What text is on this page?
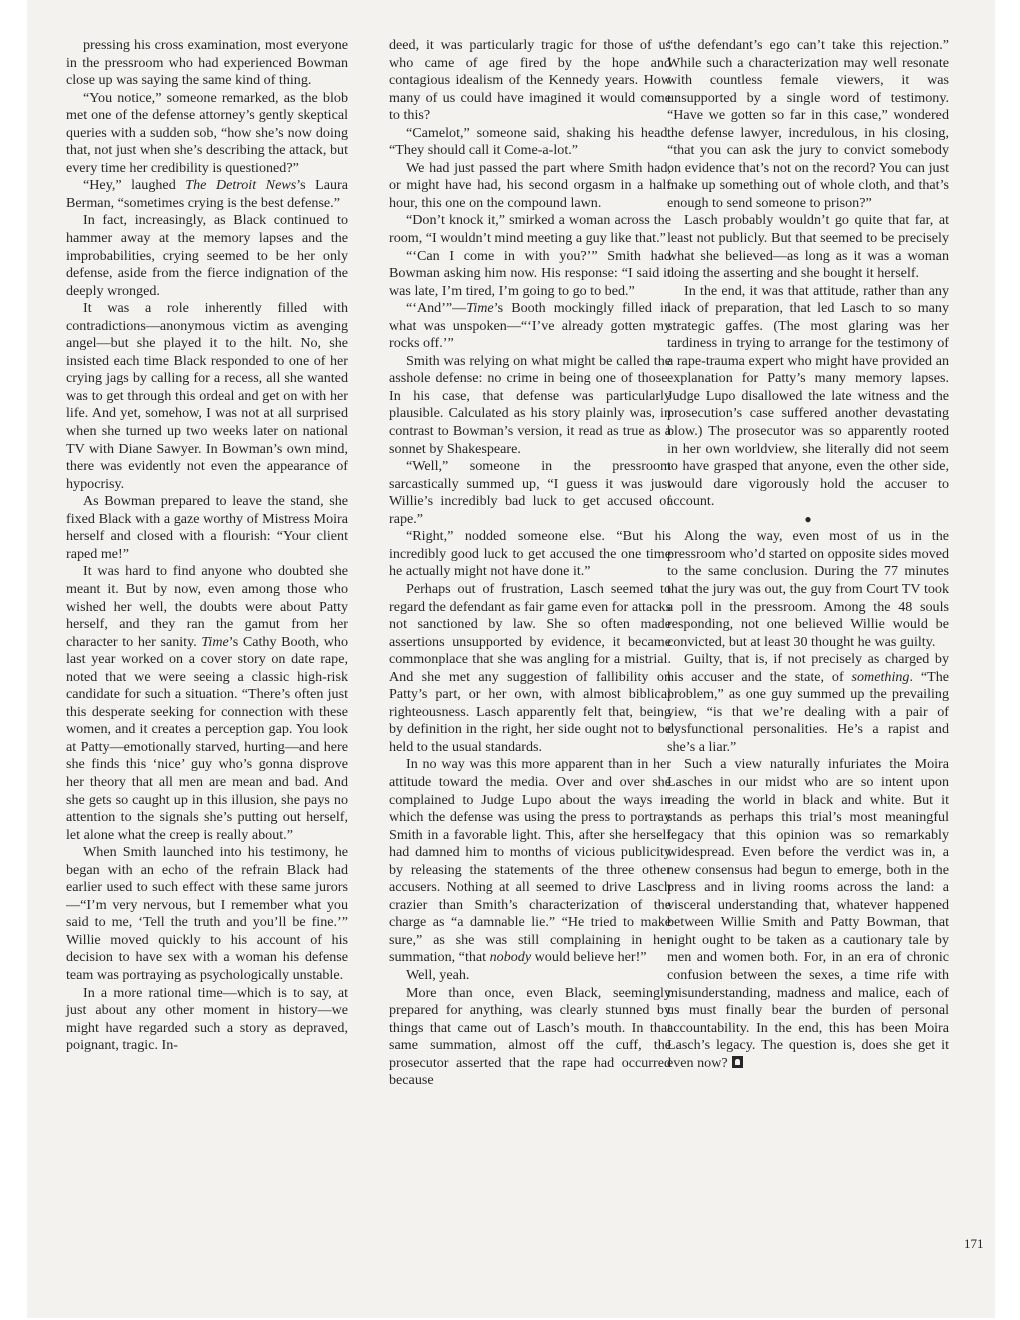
pressing his cross examination, most everyone in the pressroom who had experienced Bowman close up was saying the same kind of thing.

“You notice,” someone remarked, as the blob met one of the defense attorney’s gently skeptical queries with a sudden sob, “how she’s now doing that, not just when she’s describing the attack, but every time her credibility is questioned?”

“Hey,” laughed The Detroit News’s Laura Berman, “sometimes crying is the best defense.”

In fact, increasingly, as Black continued to hammer away at the memory lapses and the improbabilities, crying seemed to be her only defense, aside from the fierce indignation of the deeply wronged.

It was a role inherently filled with contradictions—anonymous victim as avenging angel—but she played it to the hilt. No, she insisted each time Black responded to one of her crying jags by calling for a recess, all she wanted was to get through this ordeal and get on with her life. And yet, somehow, I was not at all surprised when she turned up two weeks later on national TV with Diane Sawyer. In Bowman’s own mind, there was evidently not even the appearance of hypocrisy.

As Bowman prepared to leave the stand, she fixed Black with a gaze worthy of Mistress Moira herself and closed with a flourish: “Your client raped me!”

It was hard to find anyone who doubted she meant it. But by now, even among those who wished her well, the doubts were about Patty herself, and they ran the gamut from her character to her sanity. Time’s Cathy Booth, who last year worked on a cover story on date rape, noted that we were seeing a classic high-risk candidate for such a situation. “There’s often just this desperate seeking for connection with these women, and it creates a perception gap. You look at Patty—emotionally starved, hurting—and here she finds this ‘nice’ guy who’s gonna disprove her theory that all men are mean and bad. And she gets so caught up in this illusion, she pays no attention to the signals she’s putting out herself, let alone what the creep is really about.”

When Smith launched into his testimony, he began with an echo of the refrain Black had earlier used to such effect with these same jurors—“I’m very nervous, but I remember what you said to me, ‘Tell the truth and you’ll be fine.’” Willie moved quickly to his account of his decision to have sex with a woman his defense team was portraying as psychologically unstable.

In a more rational time—which is to say, at just about any other moment in history—we might have regarded such a story as depraved, poignant, tragic. In-

deed, it was particularly tragic for those of us who came of age fired by the hope and contagious idealism of the Kennedy years. How many of us could have imagined it would come to this?

“Camelot,” someone said, shaking his head. “They should call it Come-a-lot.”

We had just passed the part where Smith had, or might have had, his second orgasm in a half hour, this one on the compound lawn.

“Don’t knock it,” smirked a woman across the room, “I wouldn’t mind meeting a guy like that.”

“‘Can I come in with you?’” Smith had Bowman asking him now. His response: “I said it was late, I’m tired, I’m going to go to bed.”

“‘And’”—Time’s Booth mockingly filled in what was unspoken—“‘I’ve already gotten my rocks off.’”

Smith was relying on what might be called the asshole defense: no crime in being one of those. In his case, that defense was particularly plausible. Calculated as his story plainly was, in contrast to Bowman’s version, it read as true as a sonnet by Shakespeare.

“Well,” someone in the pressroom sarcastically summed up, “I guess it was just Willie’s incredibly bad luck to get accused of rape.”

“Right,” nodded someone else. “But his incredibly good luck to get accused the one time he actually might not have done it.”

Perhaps out of frustration, Lasch seemed to regard the defendant as fair game even for attacks not sanctioned by law. She so often made assertions unsupported by evidence, it became commonplace that she was angling for a mistrial. And she met any suggestion of fallibility on Patty’s part, or her own, with almost biblical righteousness. Lasch apparently felt that, being by definition in the right, her side ought not to be held to the usual standards.

In no way was this more apparent than in her attitude toward the media. Over and over she complained to Judge Lupo about the ways in which the defense was using the press to portray Smith in a favorable light. This, after she herself had damned him to months of vicious publicity by releasing the statements of the three other accusers. Nothing at all seemed to drive Lasch crazier than Smith’s characterization of the charge as “a damnable lie.” “He tried to make sure,” as she was still complaining in her summation, “that nobody would believe her!”

Well, yeah.

More than once, even Black, seemingly prepared for anything, was clearly stunned by things that came out of Lasch’s mouth. In that same summation, almost off the cuff, the prosecutor asserted that the rape had occurred because

“the defendant’s ego can’t take this rejection.” While such a characterization may well resonate with countless female viewers, it was unsupported by a single word of testimony. “Have we gotten so far in this case,” wondered the defense lawyer, incredulous, in his closing, “that you can ask the jury to convict somebody on evidence that’s not on the record? You can just make up something out of whole cloth, and that’s enough to send someone to prison?”

Lasch probably wouldn’t go quite that far, at least not publicly. But that seemed to be precisely what she believed—as long as it was a woman doing the asserting and she bought it herself.

In the end, it was that attitude, rather than any lack of preparation, that led Lasch to so many strategic gaffes. (The most glaring was her tardiness in trying to arrange for the testimony of a rape-trauma expert who might have provided an explanation for Patty’s many memory lapses. Judge Lupo disallowed the late witness and the prosecution’s case suffered another devastating blow.) The prosecutor was so apparently rooted in her own worldview, she literally did not seem to have grasped that anyone, even the other side, would dare vigorously hold the accuser to account.

●

Along the way, even most of us in the pressroom who’d started on opposite sides moved to the same conclusion. During the 77 minutes that the jury was out, the guy from Court TV took a poll in the pressroom. Among the 48 souls responding, not one believed Willie would be convicted, but at least 30 thought he was guilty.

Guilty, that is, if not precisely as charged by his accuser and the state, of something. “The problem,” as one guy summed up the prevailing view, “is that we’re dealing with a pair of dysfunctional personalities. He’s a rapist and she’s a liar.”

Such a view naturally infuriates the Moira Lasches in our midst who are so intent upon reading the world in black and white. But it stands as perhaps this trial’s most meaningful legacy that this opinion was so remarkably widespread. Even before the verdict was in, a new consensus had begun to emerge, both in the press and in living rooms across the land: a visceral understanding that, whatever happened between Willie Smith and Patty Bowman, that night ought to be taken as a cautionary tale by men and women both. For, in an era of chronic confusion between the sexes, a time rife with misunderstanding, madness and malice, each of us must finally bear the burden of personal accountability. In the end, this has been Moira Lasch’s legacy. The question is, does she get it even now?

171
